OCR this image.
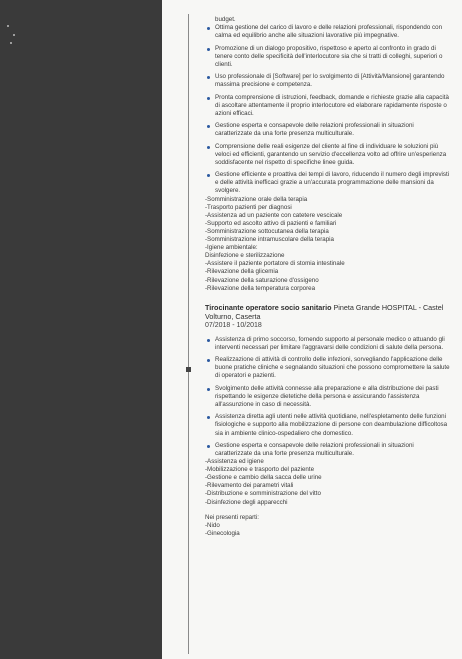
budget.

Ottima gestione del carico di lavoro e delle relazioni professionali, rispondendo con calma ed equilibrio anche alle situazioni lavorative più impegnative.
Promozione di un dialogo propositivo, rispettoso e aperto al confronto in grado di tenere conto delle specificità dell'interlocutore sia che si tratti di colleghi, superiori o clienti.
Uso professionale di [Software] per lo svolgimento di [Attività/Mansione] garantendo massima precisione e competenza.
Pronta comprensione di istruzioni, feedback, domande e richieste grazie alla capacità di ascoltare attentamente il proprio interlocutore ed elaborare rapidamente risposte o azioni efficaci.
Gestione esperta e consapevole delle relazioni professionali in situazioni caratterizzate da una forte presenza multiculturale.
Comprensione delle reali esigenze del cliente al fine di individuare le soluzioni più veloci ed efficienti, garantendo un servizio d'eccellenza volto ad offrire un'esperienza soddisfacente nel rispetto di specifiche linee guida.
Gestione efficiente e proattiva dei tempi di lavoro, riducendo il numero degli imprevisti e delle attività inefficaci grazie a un'accurata programmazione delle mansioni da svolgere.
-Somministrazione orale della terapia
-Trasporto pazienti per diagnosi
-Assistenza ad un paziente con catetere vescicale
-Supporto ed ascolto attivo di pazienti e familiari
-Somministrazione sottocutanea della terapia
-Somministrazione intramuscolare della terapia
-Igiene ambientale:
Disinfezione e sterilizzazione
-Assistere il paziente portatore di stomia intestinale
-Rilevazione della glicemia
-Rilevazione della saturazione d'ossigeno
-Rilevazione della temperatura corporea
Tirocinante operatore socio sanitario Pineta Grande HOSPITAL - Castel Volturno, Caserta
07/2018 - 10/2018
Assistenza di primo soccorso, fornendo supporto al personale medico o attuando gli interventi necessari per limitare l'aggravarsi delle condizioni di salute della persona.
Realizzazione di attività di controllo delle infezioni, sorvegliando l'applicazione delle buone pratiche cliniche e segnalando situazioni che possono compromettere la salute di operatori e pazienti.
Svolgimento delle attività connesse alla preparazione e alla distribuzione dei pasti rispettando le esigenze dietetiche della persona e assicurando l'assistenza all'assunzione in caso di necessità.
Assistenza diretta agli utenti nelle attività quotidiane, nell'espletamento delle funzioni fisiologiche e supporto alla mobilizzazione di persone con deambulazione difficoltosa sia in ambiente clinico-ospedaliero che domestico.
Gestione esperta e consapevole delle relazioni professionali in situazioni caratterizzate da una forte presenza multiculturale.
-Assistenza ed igiene
-Mobilizzazione e trasporto del paziente
-Gestione e cambio della sacca delle urine
-Rilevamento dei parametri vitali
-Distribuzione e somministrazione del vitto
-Disinfezione degli apparecchi

Nei presenti reparti:

-Nido
-Ginecologia
